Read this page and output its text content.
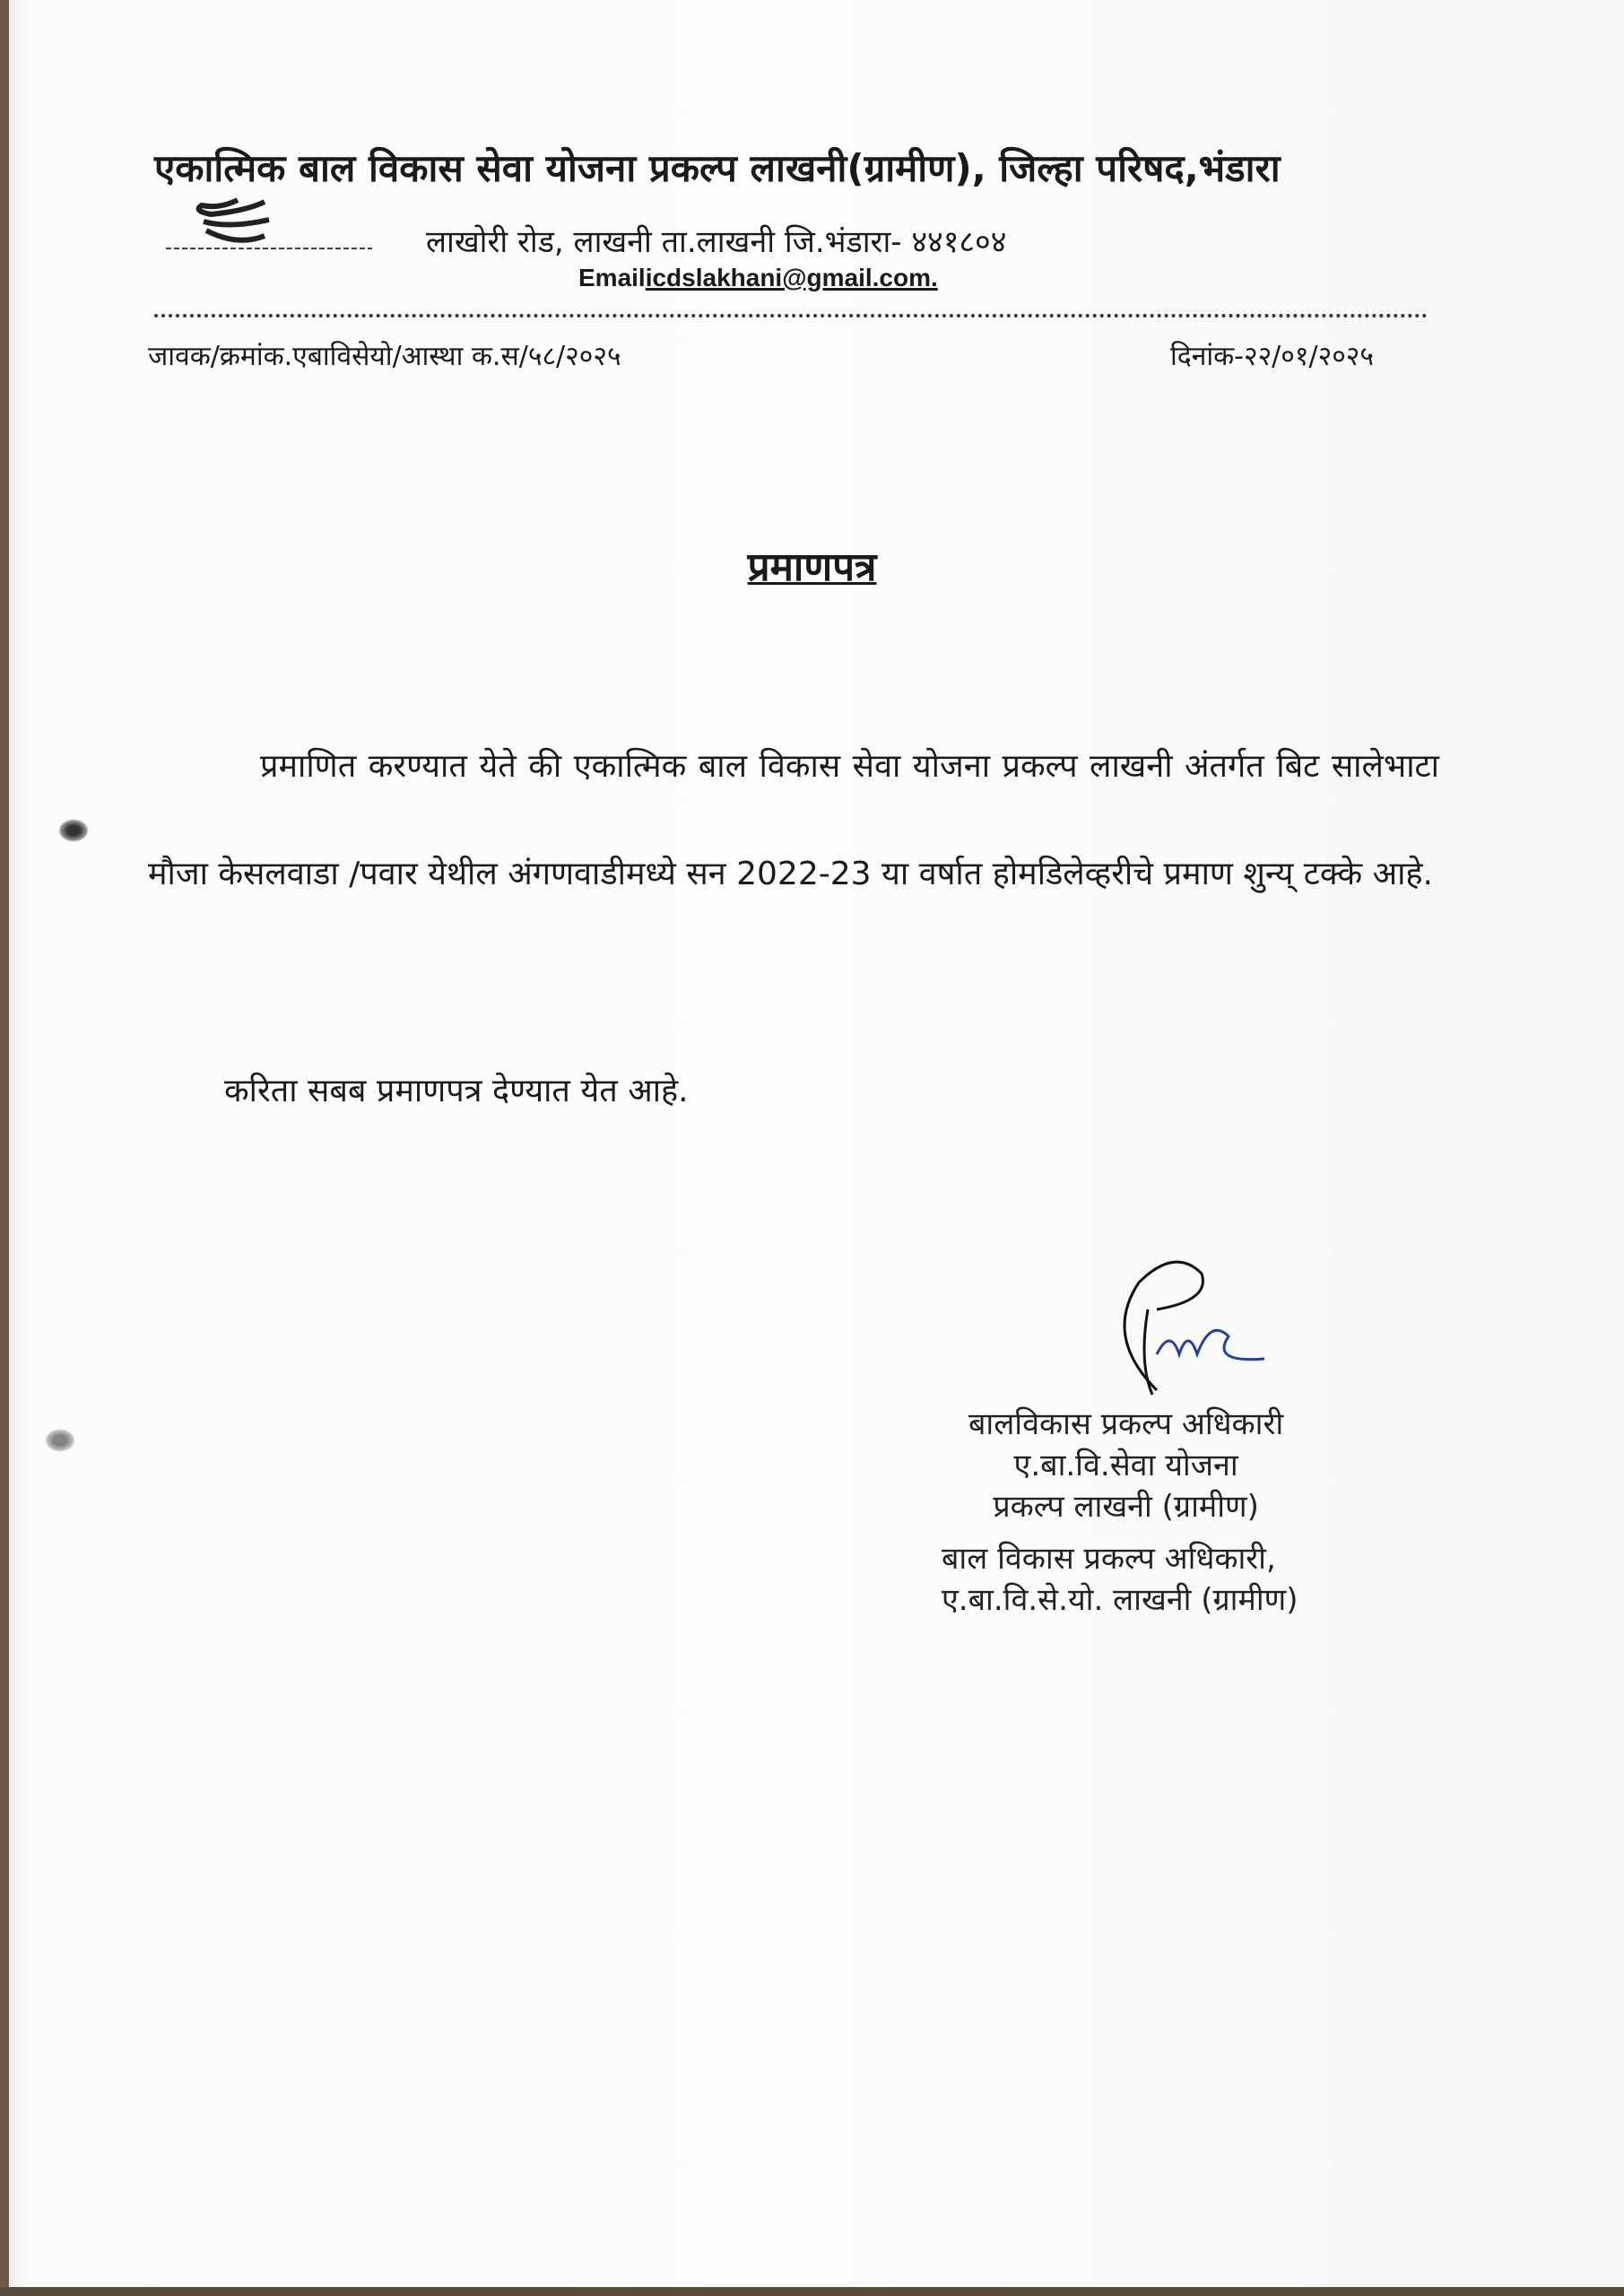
एकात्मिक बाल विकास सेवा योजना प्रकल्प लाखनी(ग्रामीण), जिल्हा परिषद,भंडारा
लाखोरी रोड, लाखनी ता.लाखनी जि.भंडारा- ४४१८०४
Emailicdslakhani@gmail.com.
जावक/क्रमांक.एबाविसेयो/आस्था क.स/५८/२०२५	दिनांक-२२/०१/२०२५
प्रमाणपत्र
प्रमाणित करण्यात येते की एकात्मिक बाल विकास सेवा योजना प्रकल्प लाखनी अंतर्गत बिट सालेभाटा मौजा केसलवाडा /पवार येथील अंगणवाडीमध्ये सन 2022-23 या वर्षात होमडिलेव्हरीचे प्रमाण शुन्य् टक्के आहे.
करिता सबब प्रमाणपत्र देण्यात येत आहे.
बालविकास प्रकल्प अधिकारी
ए.बा.वि.सेवा योजना
प्रकल्प लाखनी (ग्रामीण)
बाल विकास प्रकल्प अधिकारी,
ए.बा.वि.से.यो. लाखनी (ग्रामीण)
